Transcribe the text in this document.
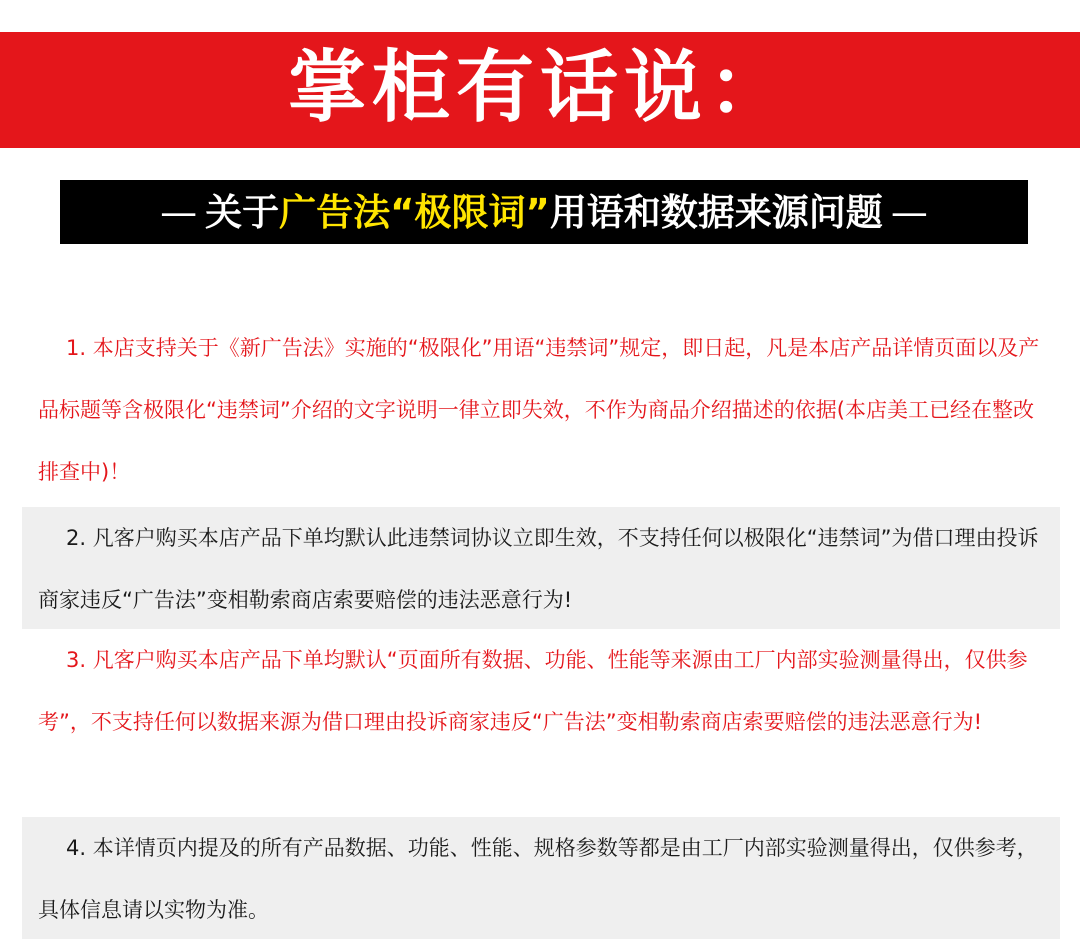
掌柜有话说：
— 关于 广告法“极限词” 用语和数据来源问题 —

1. 本店支持关于《新广告法》实施的“极限化”用语“违禁词”规定，即日起，凡是本店产品详情页面以及产品标题等含极限化“违禁词”介绍的文字说明一律立即失效，不作为商品介绍描述的依据(本店美工已经在整改排查中)！

2. 凡客户购买本店产品下单均默认此违禁词协议立即生效，不支持任何以极限化“违禁词”为借口理由投诉商家违反“广告法”变相勒索商店索要赔偿的违法恶意行为!

3. 凡客户购买本店产品下单均默认“页面所有数据、功能、性能等来源由工厂内部实验测量得出，仅供参考”，不支持任何以数据来源为借口理由投诉商家违反“广告法”变相勒索商店索要赔偿的违法恶意行为!

4. 本详情页内提及的所有产品数据、功能、性能、规格参数等都是由工厂内部实验测量得出，仅供参考，具体信息请以实物为准。
